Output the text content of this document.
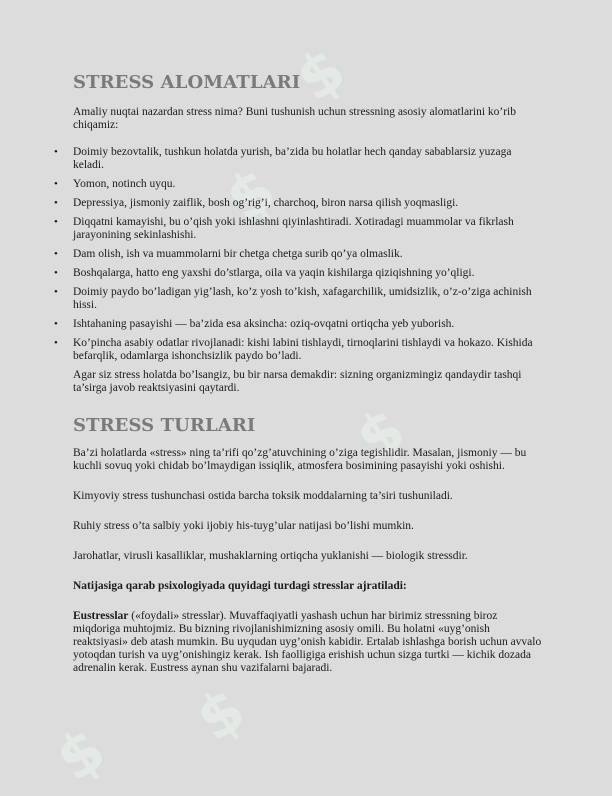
$
$
$
$
$
STRESS ALOMATLARI

Amaliy nuqtai nazardan stress nima? Buni tushunish uchun stressning asosiy alomatlarini ko’rib chiqamiz:

• Doimiy bezovtalik, tushkun holatda yurish, ba’zida bu holatlar hech qanday sabablarsiz yuzaga keladi.
• Yomon, notinch uyqu.
• Depressiya, jismoniy zaiflik, bosh og’rig’i, charchoq, biron narsa qilish yoqmasligi.
• Diqqatni kamayishi, bu o’qish yoki ishlashni qiyinlashtiradi. Xotiradagi muammolar va fikrlash jarayonining sekinlashishi.
• Dam olish, ish va muammolarni bir chetga chetga surib qo’ya olmaslik.
• Boshqalarga, hatto eng yaxshi do’stlarga, oila va yaqin kishilarga qiziqishning yo’qligi.
• Doimiy paydo bo’ladigan yig’lash, ko’z yosh to’kish, xafagarchilik, umidsizlik, o’z-o’ziga achinish hissi.
• Ishtahaning pasayishi — ba’zida esa aksincha: oziq-ovqatni ortiqcha yeb yuborish.
• Ko’pincha asabiy odatlar rivojlanadi: kishi labini tishlaydi, tirnoqlarini tishlaydi va hokazo. Kishida befarqlik, odamlarga ishonchsizlik paydo bo’ladi.

Agar siz stress holatda bo’lsangiz, bu bir narsa demakdir: sizning organizmingiz qandaydir tashqi ta’sirga javob reaktsiyasini qaytardi.

STRESS TURLARI

Ba’zi holatlarda «stress» ning ta’rifi qo’zg’atuvchining o’ziga tegishlidir. Masalan, jismoniy — bu kuchli sovuq yoki chidab bo’lmaydigan issiqlik, atmosfera bosimining pasayishi yoki oshishi.

Kimyoviy stress tushunchasi ostida barcha toksik moddalarning ta’siri tushuniladi.

Ruhiy stress o’ta salbiy yoki ijobiy his-tuyg’ular natijasi bo’lishi mumkin.

Jarohatlar, virusli kasalliklar, mushaklarning ortiqcha yuklanishi — biologik stressdir.

Natijasiga qarab psixologiyada quyidagi turdagi stresslar ajratiladi:

Eustresslar («foydali» stresslar). Muvaffaqiyatli yashash uchun har birimiz stressning biroz miqdoriga muhtojmiz. Bu bizning rivojlanishimizning asosiy omili. Bu holatni «uyg’onish reaktsiyasi» deb atash mumkin. Bu uyqudan uyg’onish kabidir. Ertalab ishlashga borish uchun avvalo yotoqdan turish va uyg’onishingiz kerak. Ish faolligiga erishish uchun sizga turtki — kichik dozada adrenalin kerak. Eustress aynan shu vazifalarni bajaradi.
